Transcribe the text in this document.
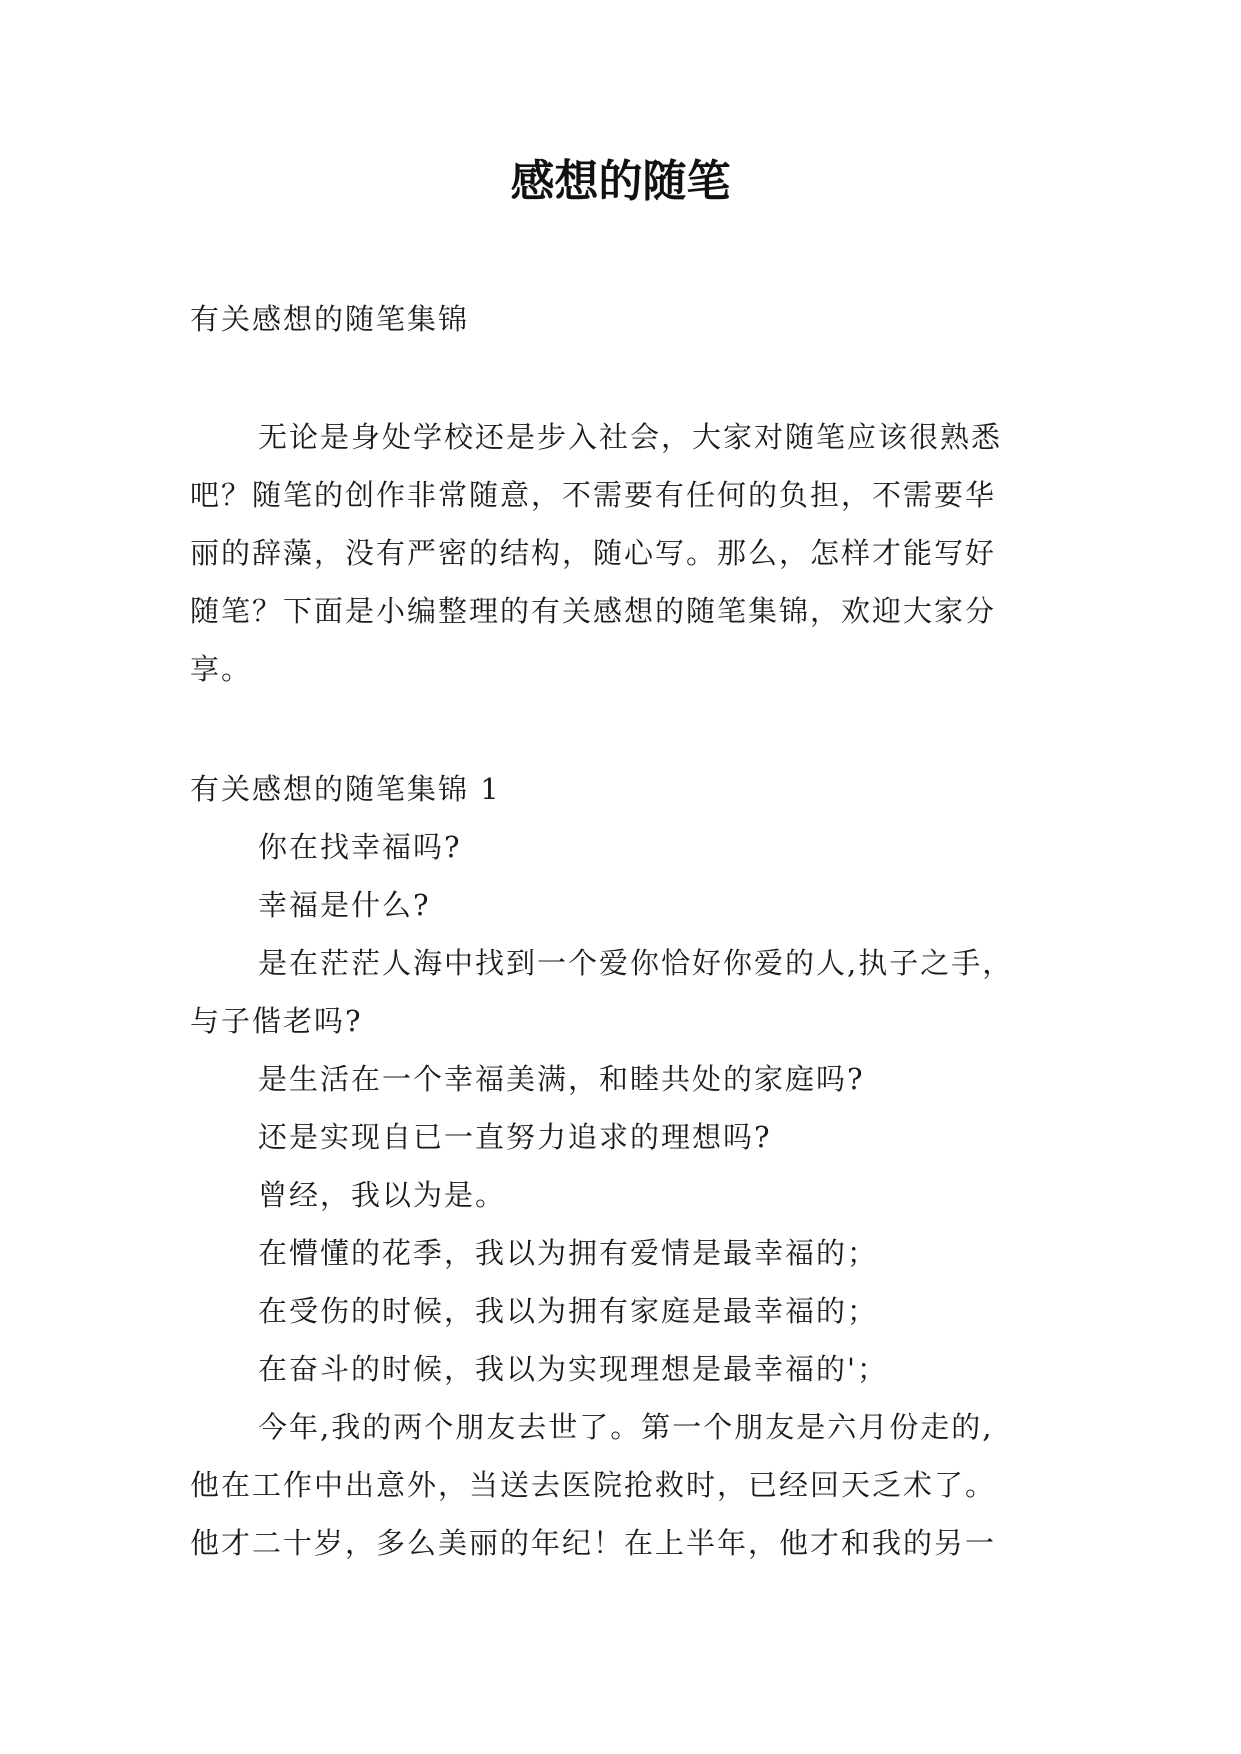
感想的随笔

有关感想的随笔集锦

无论是身处学校还是步入社会，大家对随笔应该很熟悉

吧？随笔的创作非常随意，不需要有任何的负担，不需要华

丽的辞藻，没有严密的结构，随心写。那么，怎样才能写好

随笔？下面是小编整理的有关感想的随笔集锦，欢迎大家分

享。

有关感想的随笔集锦 1

你在找幸福吗?

幸福是什么?

是在茫茫人海中找到一个爱你恰好你爱的人,执子之手，

与子偕老吗?

是生活在一个幸福美满，和睦共处的家庭吗?

还是实现自已一直努力追求的理想吗?

曾经，我以为是。

在懵懂的花季，我以为拥有爱情是最幸福的；

在受伤的时候，我以为拥有家庭是最幸福的；

在奋斗的时候，我以为实现理想是最幸福的'；

今年,我的两个朋友去世了。第一个朋友是六月份走的,

他在工作中出意外，当送去医院抢救时，已经回天乏术了。

他才二十岁，多么美丽的年纪！在上半年，他才和我的另一
